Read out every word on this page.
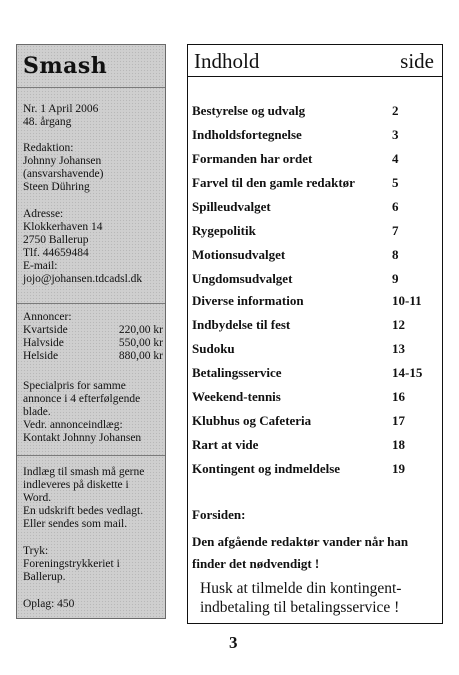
Smash
Nr. 1 April 2006
48. årgang
Redaktion:
Johnny Johansen
(ansvarshavende)
Steen Dühring
Adresse:
Klokkerhaven 14
2750 Ballerup
Tlf. 44659484
E-mail:
jojo@johansen.tdcadsl.dk
Annoncer:
Kvartside	220,00 kr
Halvside	550,00 kr
Helside	880,00 kr
Specialpris for samme
annonce i 4 efterfølgende
blade.
Vedr. annonceindlæg:
Kontakt Johnny Johansen
Indlæg til smash må gerne
indleveres på diskette i
Word.
En udskrift bedes vedlagt.
Eller sendes som mail.
Tryk:
Foreningstrykkeriet i
Ballerup.
Oplag: 450
Indhold	side
Bestyrelse og udvalg	2
Indholdsfortegnelse	3
Formanden har ordet	4
Farvel til den gamle redaktør	5
Spilleudvalget	6
Rygepolitik	7
Motionsudvalget	8
Ungdomsudvalget	9
Diverse information	10-11
Indbydelse til fest	12
Sudoku	13
Betalingsservice	14-15
Weekend-tennis	16
Klubhus og Cafeteria	17
Rart at vide	18
Kontingent og indmeldelse	19
Forsiden:
Den afgående redaktør vander når han
finder det nødvendigt !
Husk at tilmelde din kontingent-
indbetaling til betalingsservice !
3
